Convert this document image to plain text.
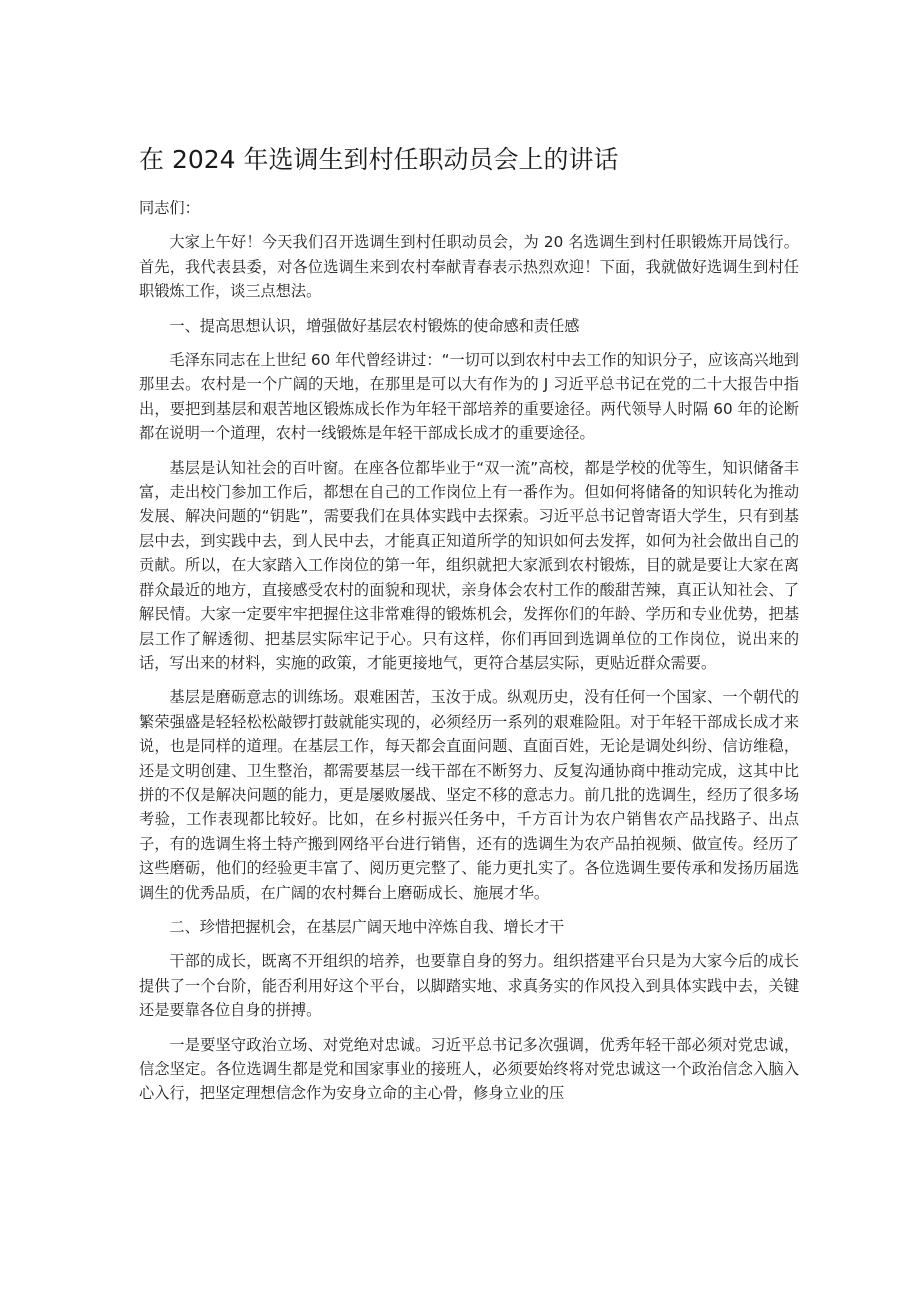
在 2024 年选调生到村任职动员会上的讲话

同志们：

大家上午好！今天我们召开选调生到村任职动员会，为 20 名选调生到村任职锻炼开局饯行。首先，我代表县委，对各位选调生来到农村奉献青春表示热烈欢迎！下面，我就做好选调生到村任职锻炼工作，谈三点想法。

一、提高思想认识，增强做好基层农村锻炼的使命感和责任感

毛泽东同志在上世纪 60 年代曾经讲过：“一切可以到农村中去工作的知识分子，应该高兴地到那里去。农村是一个广阔的天地，在那里是可以大有作为的 J 习近平总书记在党的二十大报告中指出，要把到基层和艰苦地区锻炼成长作为年轻干部培养的重要途径。两代领导人时隔 60 年的论断都在说明一个道理，农村一线锻炼是年轻干部成长成才的重要途径。

基层是认知社会的百叶窗。在座各位都毕业于“双一流”高校，都是学校的优等生，知识储备丰富，走出校门参加工作后，都想在自己的工作岗位上有一番作为。但如何将储备的知识转化为推动发展、解决问题的“钥匙”，需要我们在具体实践中去探索。习近平总书记曾寄语大学生，只有到基层中去，到实践中去，到人民中去，才能真正知道所学的知识如何去发挥，如何为社会做出自己的贡献。所以，在大家踏入工作岗位的第一年，组织就把大家派到农村锻炼，目的就是要让大家在离群众最近的地方，直接感受农村的面貌和现状，亲身体会农村工作的酸甜苦辣，真正认知社会、了解民情。大家一定要牢牢把握住这非常难得的锻炼机会，发挥你们的年龄、学历和专业优势，把基层工作了解透彻、把基层实际牢记于心。只有这样，你们再回到选调单位的工作岗位，说出来的话，写出来的材料，实施的政策，才能更接地气，更符合基层实际，更贴近群众需要。

基层是磨砺意志的训练场。艰难困苦，玉汝于成。纵观历史，没有任何一个国家、一个朝代的繁荣强盛是轻轻松松敲锣打鼓就能实现的，必须经历一系列的艰难险阻。对于年轻干部成长成才来说，也是同样的道理。在基层工作，每天都会直面问题、直面百姓，无论是调处纠纷、信访维稳，还是文明创建、卫生整治，都需要基层一线干部在不断努力、反复沟通协商中推动完成，这其中比拼的不仅是解决问题的能力，更是屡败屡战、坚定不移的意志力。前几批的选调生，经历了很多场考验，工作表现都比较好。比如，在乡村振兴任务中，千方百计为农户销售农产品找路子、出点子，有的选调生将土特产搬到网络平台进行销售，还有的选调生为农产品拍视频、做宣传。经历了这些磨砺，他们的经验更丰富了、阅历更完整了、能力更扎实了。各位选调生要传承和发扬历届选调生的优秀品质，在广阔的农村舞台上磨砺成长、施展才华。

二、珍惜把握机会，在基层广阔天地中淬炼自我、增长才干

干部的成长，既离不开组织的培养，也要靠自身的努力。组织搭建平台只是为大家今后的成长提供了一个台阶，能否利用好这个平台，以脚踏实地、求真务实的作风投入到具体实践中去，关键还是要靠各位自身的拼搏。

一是要坚守政治立场、对党绝对忠诚。习近平总书记多次强调，优秀年轻干部必须对党忠诚，信念坚定。各位选调生都是党和国家事业的接班人，必须要始终将对党忠诚这一个政治信念入脑入心入行，把坚定理想信念作为安身立命的主心骨，修身立业的压
